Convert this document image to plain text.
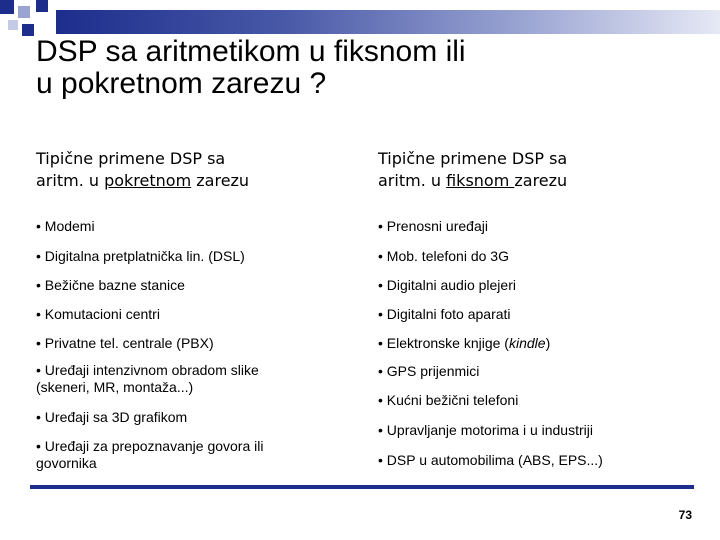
DSP sa aritmetikom u fiksnom ili
u pokretnom zarezu ?

Tipične primene DSP sa
aritm. u pokretnom zarezu

• Modemi
• Digitalna pretplatnička lin. (DSL)
• Bežične bazne stanice
• Komutacioni centri
• Privatne tel. centrale (PBX)
• Uređaji intenzivnom obradom slike (skeneri, MR, montaža...)
• Uređaji sa 3D grafikom
• Uređaji za prepoznavanje govora ili govornika

Tipične primene DSP sa
aritm. u fiksnom zarezu

• Prenosni uređaji
• Mob. telefoni do 3G
• Digitalni audio plejeri
• Digitalni foto aparati
• Elektronske knjige (kindle)
• GPS prijenmici
• Kućni bežični telefoni
• Upravljanje motorima i u industriji
• DSP u automobilima (ABS, EPS...)
73
